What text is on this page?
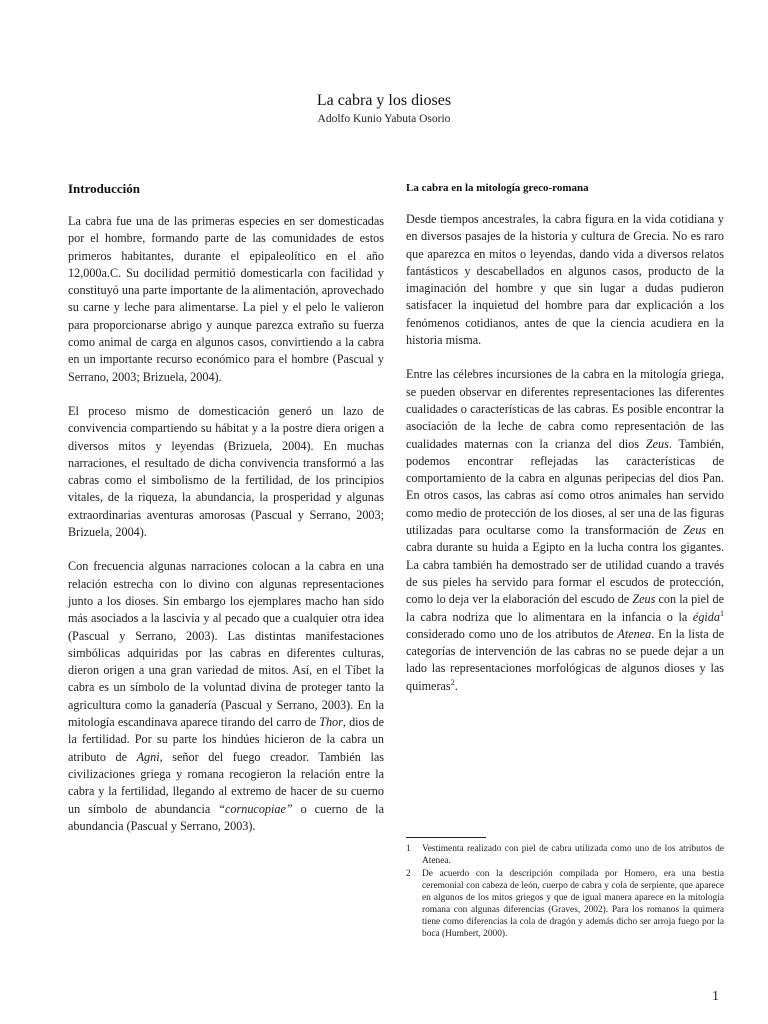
La cabra y los dioses
Adolfo Kunio Yabuta Osorio
Introducción

La cabra fue una de las primeras especies en ser domesticadas por el hombre, formando parte de las comunidades de estos primeros habitantes, durante el epipaleolítico en el año 12,000a.C. Su docilidad permitió domesticarla con facilidad y constituyó una parte importante de la alimentación, aprovechado su carne y leche para alimentarse. La piel y el pelo le valieron para proporcionarse abrigo y aunque parezca extraño su fuerza como animal de carga en algunos casos, convirtiendo a la cabra en un importante recurso económico para el hombre (Pascual y Serrano, 2003; Brizuela, 2004).

El proceso mismo de domesticación generó un lazo de convivencia compartiendo su hábitat y a la postre diera origen a diversos mitos y leyendas (Brizuela, 2004). En muchas narraciones, el resultado de dicha convivencia transformó a las cabras como el simbolismo de la fertilidad, de los principios vitales, de la riqueza, la abundancia, la prosperidad y algunas extraordinarias aventuras amorosas (Pascual y Serrano, 2003; Brizuela, 2004).

Con frecuencia algunas narraciones colocan a la cabra en una relación estrecha con lo divino con algunas representaciones junto a los dioses. Sin embargo los ejemplares macho han sido más asociados a la lascivia y al pecado que a cualquier otra idea (Pascual y Serrano, 2003). Las distintas manifestaciones simbólicas adquiridas por las cabras en diferentes culturas, dieron origen a una gran variedad de mitos. Así, en el Tíbet la cabra es un símbolo de la voluntad divina de proteger tanto la agricultura como la ganadería (Pascual y Serrano, 2003). En la mitología escandinava aparece tirando del carro de Thor, dios de la fertilidad. Por su parte los hindúes hicieron de la cabra un atributo de Agni, señor del fuego creador. También las civilizaciones griega y romana recogieron la relación entre la cabra y la fertilidad, llegando al extremo de hacer de su cuerno un símbolo de abundancia “cornucopiae” o cuerno de la abundancia (Pascual y Serrano, 2003).

La cabra en la mitología greco-romana

Desde tiempos ancestrales, la cabra figura en la vida cotidiana y en diversos pasajes de la historia y cultura de Grecia. No es raro que aparezca en mitos o leyendas, dando vida a diversos relatos fantásticos y descabellados en algunos casos, producto de la imaginación del hombre y que sin lugar a dudas pudieron satisfacer la inquietud del hombre para dar explicación a los fenómenos cotidianos, antes de que la ciencia acudiera en la historia misma.

Entre las célebres incursiones de la cabra en la mitología griega, se pueden observar en diferentes representaciones las diferentes cualidades o características de las cabras. Es posible encontrar la asociación de la leche de cabra como representación de las cualidades maternas con la crianza del dios Zeus. También, podemos encontrar reflejadas las características de comportamiento de la cabra en algunas peripecias del dios Pan. En otros casos, las cabras así como otros animales han servido como medio de protección de los dioses, al ser una de las figuras utilizadas para ocultarse como la transformación de Zeus en cabra durante su huida a Egipto en la lucha contra los gigantes. La cabra también ha demostrado ser de utilidad cuando a través de sus pieles ha servido para formar el escudos de protección, como lo deja ver la elaboración del escudo de Zeus con la piel de la cabra nodriza que lo alimentara en la infancia o la égida$^1$ considerado como uno de los atributos de Atenea. En la lista de categorías de intervención de las cabras no se puede dejar a un lado las representaciones morfológicas de algunos dioses y las quimeras$^2$.

1	Vestimenta realizado con piel de cabra utilizada como uno de los atributos de Atenea.
2	De acuerdo con la descripción compilada por Homero, era una bestia ceremonial con cabeza de león, cuerpo de cabra y cola de serpiente, que aparece en algunos de los mitos griegos y que de igual manera aparece en la mitología romana con algunas diferencias (Graves, 2002). Para los romanos la quimera tiene como diferencias la cola de dragón y además dicho ser arroja fuego por la boca (Humbert, 2000).
1
